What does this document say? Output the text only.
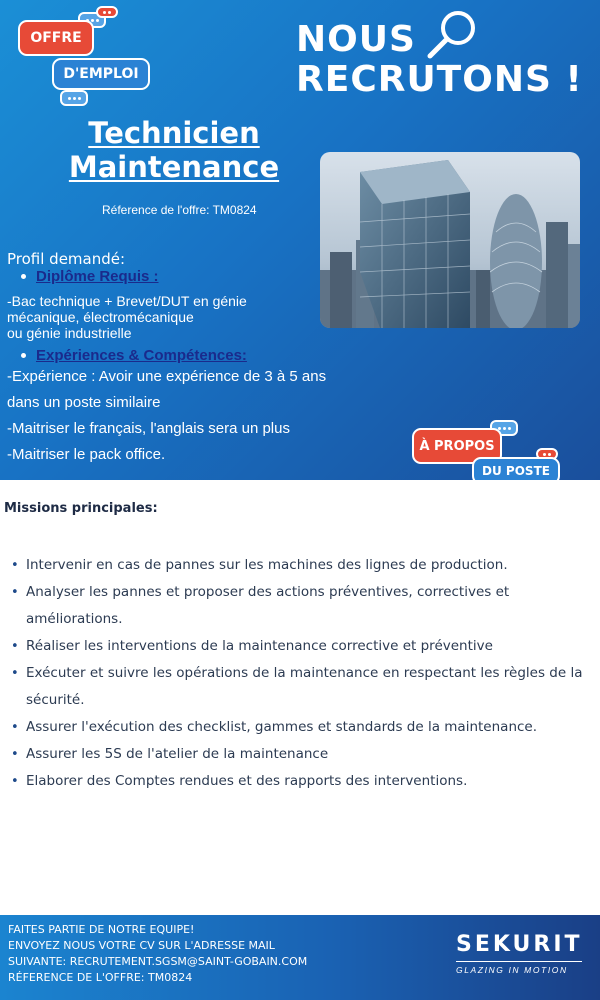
OFFRE
D'EMPLOI
NOUS
RECRUTONS !
Technicien
Maintenance
Réference de l'offre: TM0824
Profil demandé:
Diplôme Requis :
-Bac technique + Brevet/DUT en génie
mécanique, électromécanique
ou génie industrielle
Expériences & Compétences:
-Expérience : Avoir une expérience de 3 à 5 ans
dans un poste similaire
-Maitriser le français, l'anglais sera un plus
-Maitriser le pack office.	À PROPOS
DU POSTE
Missions principales:
• Intervenir en cas de pannes sur les machines des lignes de production.
• Analyser les pannes et proposer des actions préventives, correctives et améliorations.
• Réaliser les interventions de la maintenance corrective et préventive
• Exécuter et suivre les opérations de la maintenance en respectant les règles de la sécurité.
• Assurer l'exécution des checklist, gammes et standards de la maintenance.
• Assurer les 5S de l'atelier de la maintenance
• Elaborer des Comptes rendues et des rapports des interventions.
FAITES PARTIE DE NOTRE EQUIPE!
ENVOYEZ NOUS VOTRE CV SUR L'ADRESSE MAIL
SUIVANTE: RECRUTEMENT.SGSM@SAINT-GOBAIN.COM
RÉFERENCE DE L'OFFRE: TM0824
SEKURIT
GLAZING IN MOTION
